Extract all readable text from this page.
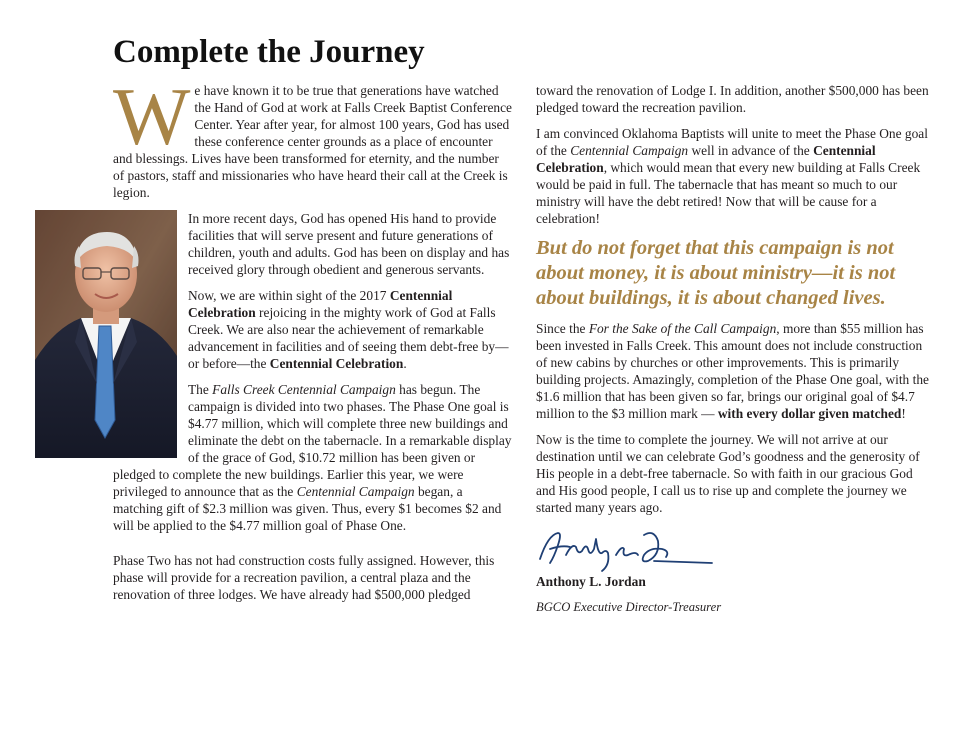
Complete the Journey
W e have known it to be true that generations have watched the Hand of God at work at Falls Creek Baptist Conference Center. Year after year, for almost 100 years, God has used these conference center grounds as a place of encounter and blessings. Lives have been transformed for eternity, and the number of pastors, staff and missionaries who have heard their call at the Creek is legion.

In more recent days, God has opened His hand to provide facilities that will serve present and future generations of children, youth and adults. God has been on display and has received glory through obedient and generous servants.

Now, we are within sight of the 2017 Centennial Celebration rejoicing in the mighty work of God at Falls Creek. We are also near the achievement of remarkable advancement in facilities and of seeing them debt-free by—or before—the Centennial Celebration.

The Falls Creek Centennial Campaign has begun. The campaign is divided into two phases. The Phase One goal is $4.77 million, which will complete three new buildings and eliminate the debt on the tabernacle. In a remarkable display of the grace of God, $10.72 million has been given or pledged to complete the new buildings. Earlier this year, we were privileged to announce that as the Centennial Campaign began, a matching gift of $2.3 million was given. Thus, every $1 becomes $2 and will be applied to the $4.77 million goal of Phase One.

Phase Two has not had construction costs fully assigned. However, this phase will provide for a recreation pavilion, a central plaza and the renovation of three lodges. We have already had $500,000 pledged

toward the renovation of Lodge I. In addition, another $500,000 has been pledged toward the recreation pavilion.

I am convinced Oklahoma Baptists will unite to meet the Phase One goal of the Centennial Campaign well in advance of the Centennial Celebration, which would mean that every new building at Falls Creek would be paid in full. The tabernacle that has meant so much to our ministry will have the debt retired! Now that will be cause for a celebration!

But do not forget that this campaign is not about money, it is about ministry—it is not about buildings, it is about changed lives.

Since the For the Sake of the Call Campaign, more than $55 million has been invested in Falls Creek. This amount does not include construction of new cabins by churches or other improvements. This is primarily building projects. Amazingly, completion of the Phase One goal, with the $1.6 million that has been given so far, brings our original goal of $4.7 million to the $3 million mark — with every dollar given matched!

Now is the time to complete the journey. We will not arrive at our destination until we can celebrate God’s goodness and the generosity of His people in a debt-free tabernacle. So with faith in our gracious God and His good people, I call us to rise up and complete the journey we started many years ago.

Anthony L. Jordan

BGCO Executive Director-Treasurer
